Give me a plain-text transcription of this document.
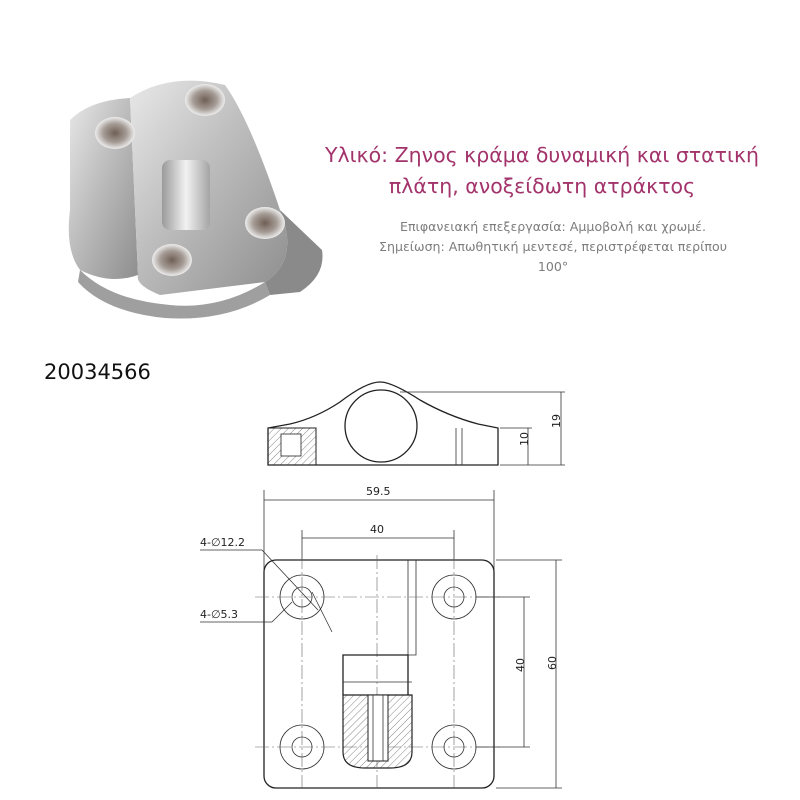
Υλικό: Ζηνος κράμα δυναμική και στατική πλάτη, ανοξείδωτη ατράκτος
Επιφανειακή επεξεργασία: Αμμοβολή και χρωμέ. Σημείωση: Απωθητική μεντεσέ, περιστρέφεται περίπου 100°
20034566
10
19
59.5
40
4-∅12.2
4-∅5.3
40 60
